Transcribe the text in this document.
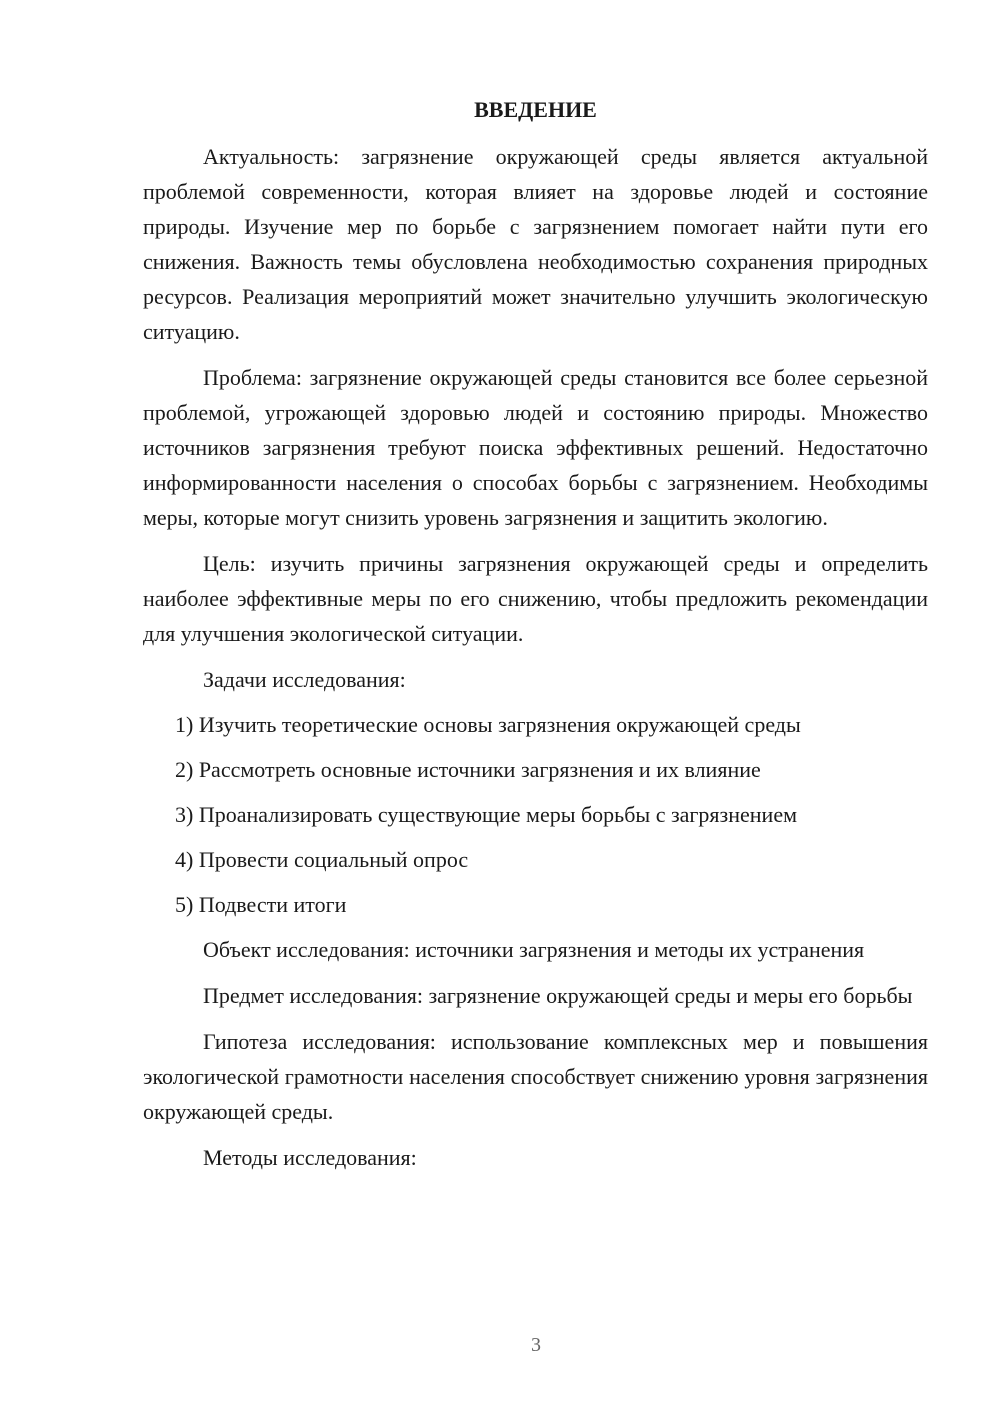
ВВЕДЕНИЕ

Актуальность: загрязнение окружающей среды является актуальной проблемой современности, которая влияет на здоровье людей и состояние природы. Изучение мер по борьбе с загрязнением помогает найти пути его снижения. Важность темы обусловлена необходимостью сохранения природных ресурсов. Реализация мероприятий может значительно улучшить экологическую ситуацию.

Проблема: загрязнение окружающей среды становится все более серьезной проблемой, угрожающей здоровью людей и состоянию природы. Множество источников загрязнения требуют поиска эффективных решений. Недостаточно информированности населения о способах борьбы с загрязнением. Необходимы меры, которые могут снизить уровень загрязнения и защитить экологию.

Цель: изучить причины загрязнения окружающей среды и определить наиболее эффективные меры по его снижению, чтобы предложить рекомендации для улучшения экологической ситуации.

Задачи исследования:

1) Изучить теоретические основы загрязнения окружающей среды

2) Рассмотреть основные источники загрязнения и их влияние

3) Проанализировать существующие меры борьбы с загрязнением

4) Провести социальный опрос

5) Подвести итоги

Объект исследования: источники загрязнения и методы их устранения

Предмет исследования: загрязнение окружающей среды и меры его борьбы

Гипотеза исследования: использование комплексных мер и повышения экологической грамотности населения способствует снижению уровня загрязнения окружающей среды.

Методы исследования:

3
